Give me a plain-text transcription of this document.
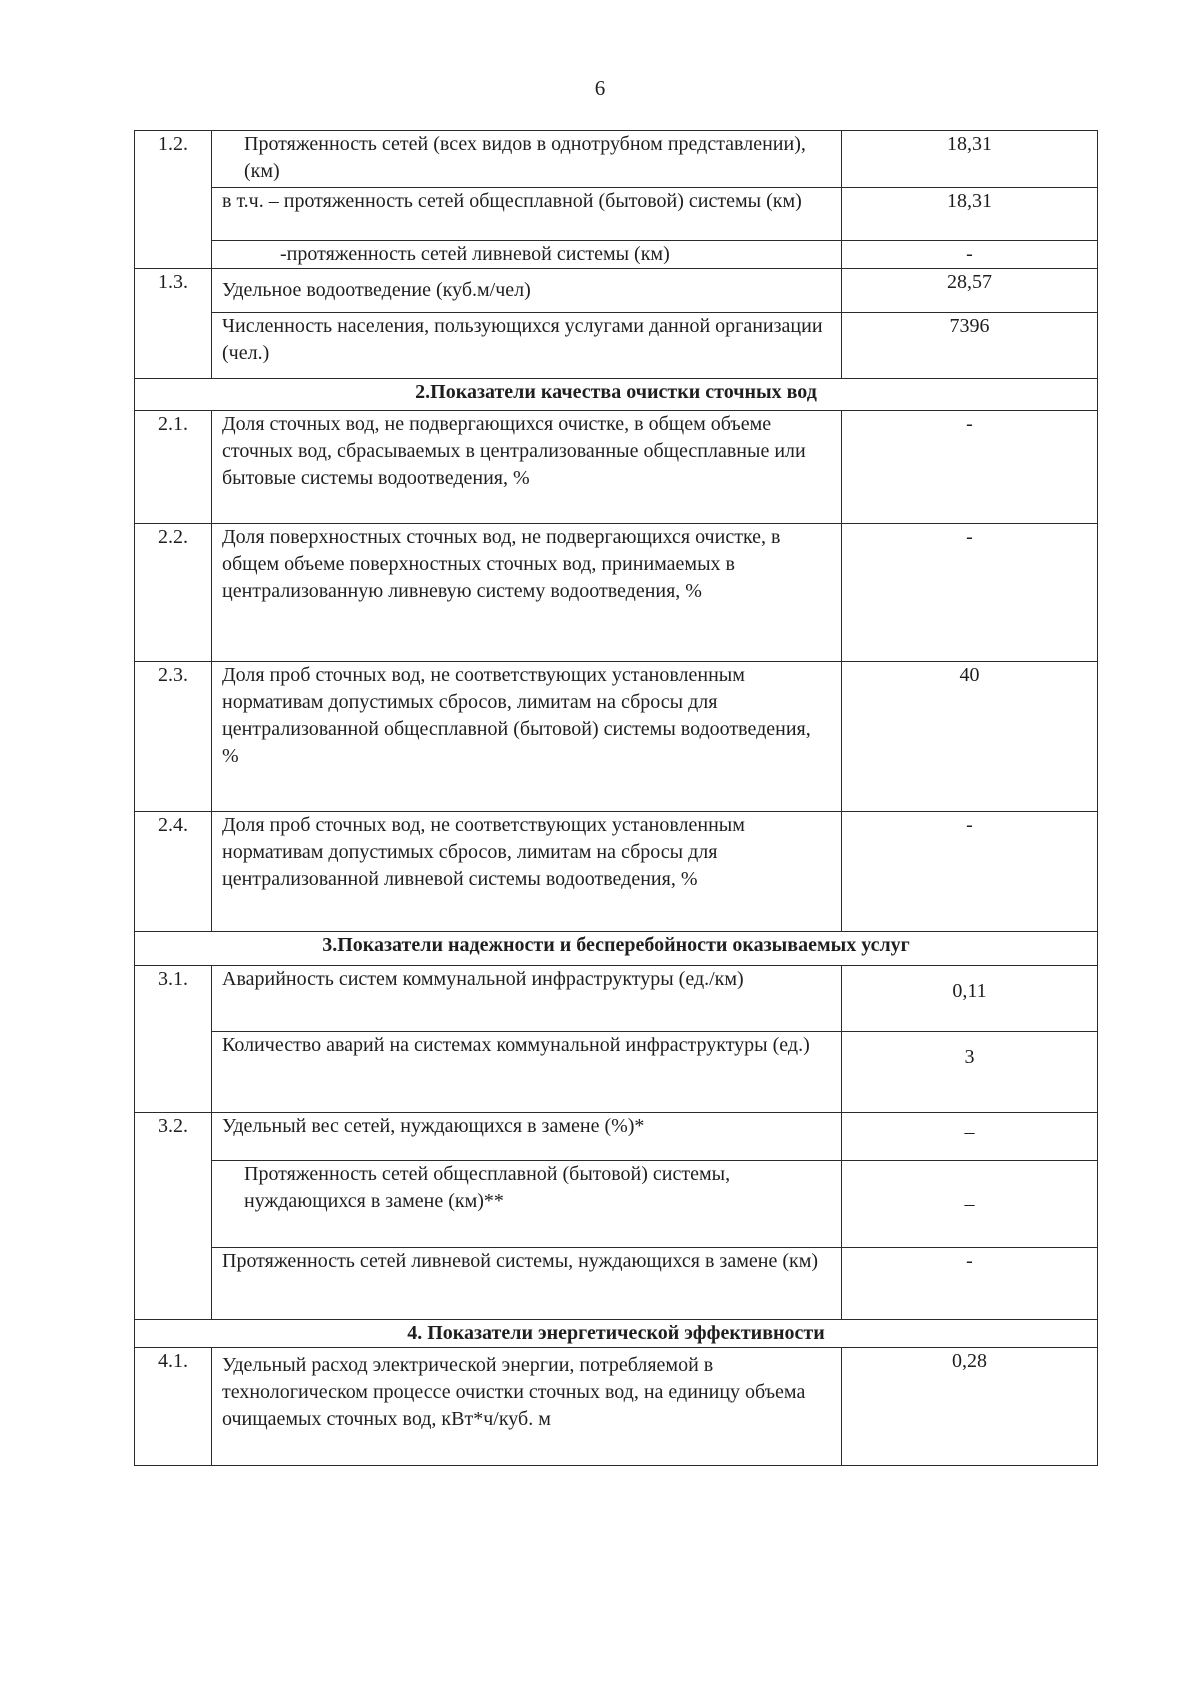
6
1.2.	Протяженность сетей (всех видов в однотрубном представлении), (км)	18,31
	в т.ч. – протяженность сетей общесплавной (бытовой) системы (км)	18,31

	-протяженность сетей ливневой системы (км)	-
1.3.	Удельное водоотведение (куб.м/чел)	28,57
	Численность населения, пользующихся услугами данной организации (чел.)	7396
2.Показатели качества очистки сточных вод		
2.1.	Доля сточных вод, не подвергающихся очистке, в общем объеме сточных вод, сбрасываемых в централизованные общесплавные или бытовые системы водоотведения, %	-
2.2.	Доля поверхностных сточных вод, не подвергающихся очистке, в общем объеме поверхностных сточных вод, принимаемых в централизованную ливневую систему водоотведения, %	-
2.3.	Доля проб сточных вод, не соответствующих установленным нормативам допустимых сбросов, лимитам на сбросы для централизованной общесплавной (бытовой) системы водоотведения, %	40
2.4.	Доля проб сточных вод, не соответствующих установленным нормативам допустимых сбросов, лимитам на сбросы для централизованной ливневой системы водоотведения, %	-
3.Показатели надежности и бесперебойности оказываемых услуг		
3.1.	Аварийность систем коммунальной инфраструктуры (ед./км)	0,11
	Количество аварий на системах коммунальной инфраструктуры (ед.)	3
3.2.	Удельный вес сетей, нуждающихся в замене (%)*	–

	Протяженность сетей общесплавной (бытовой) системы, нуждающихся в замене (км)**	–
	Протяженность сетей ливневой системы, нуждающихся в замене (км)	-
4. Показатели энергетической эффективности		
4.1.	Удельный расход электрической энергии, потребляемой в технологическом процессе очистки сточных вод, на единицу объема очищаемых сточных вод, кВт*ч/куб. м	0,28
